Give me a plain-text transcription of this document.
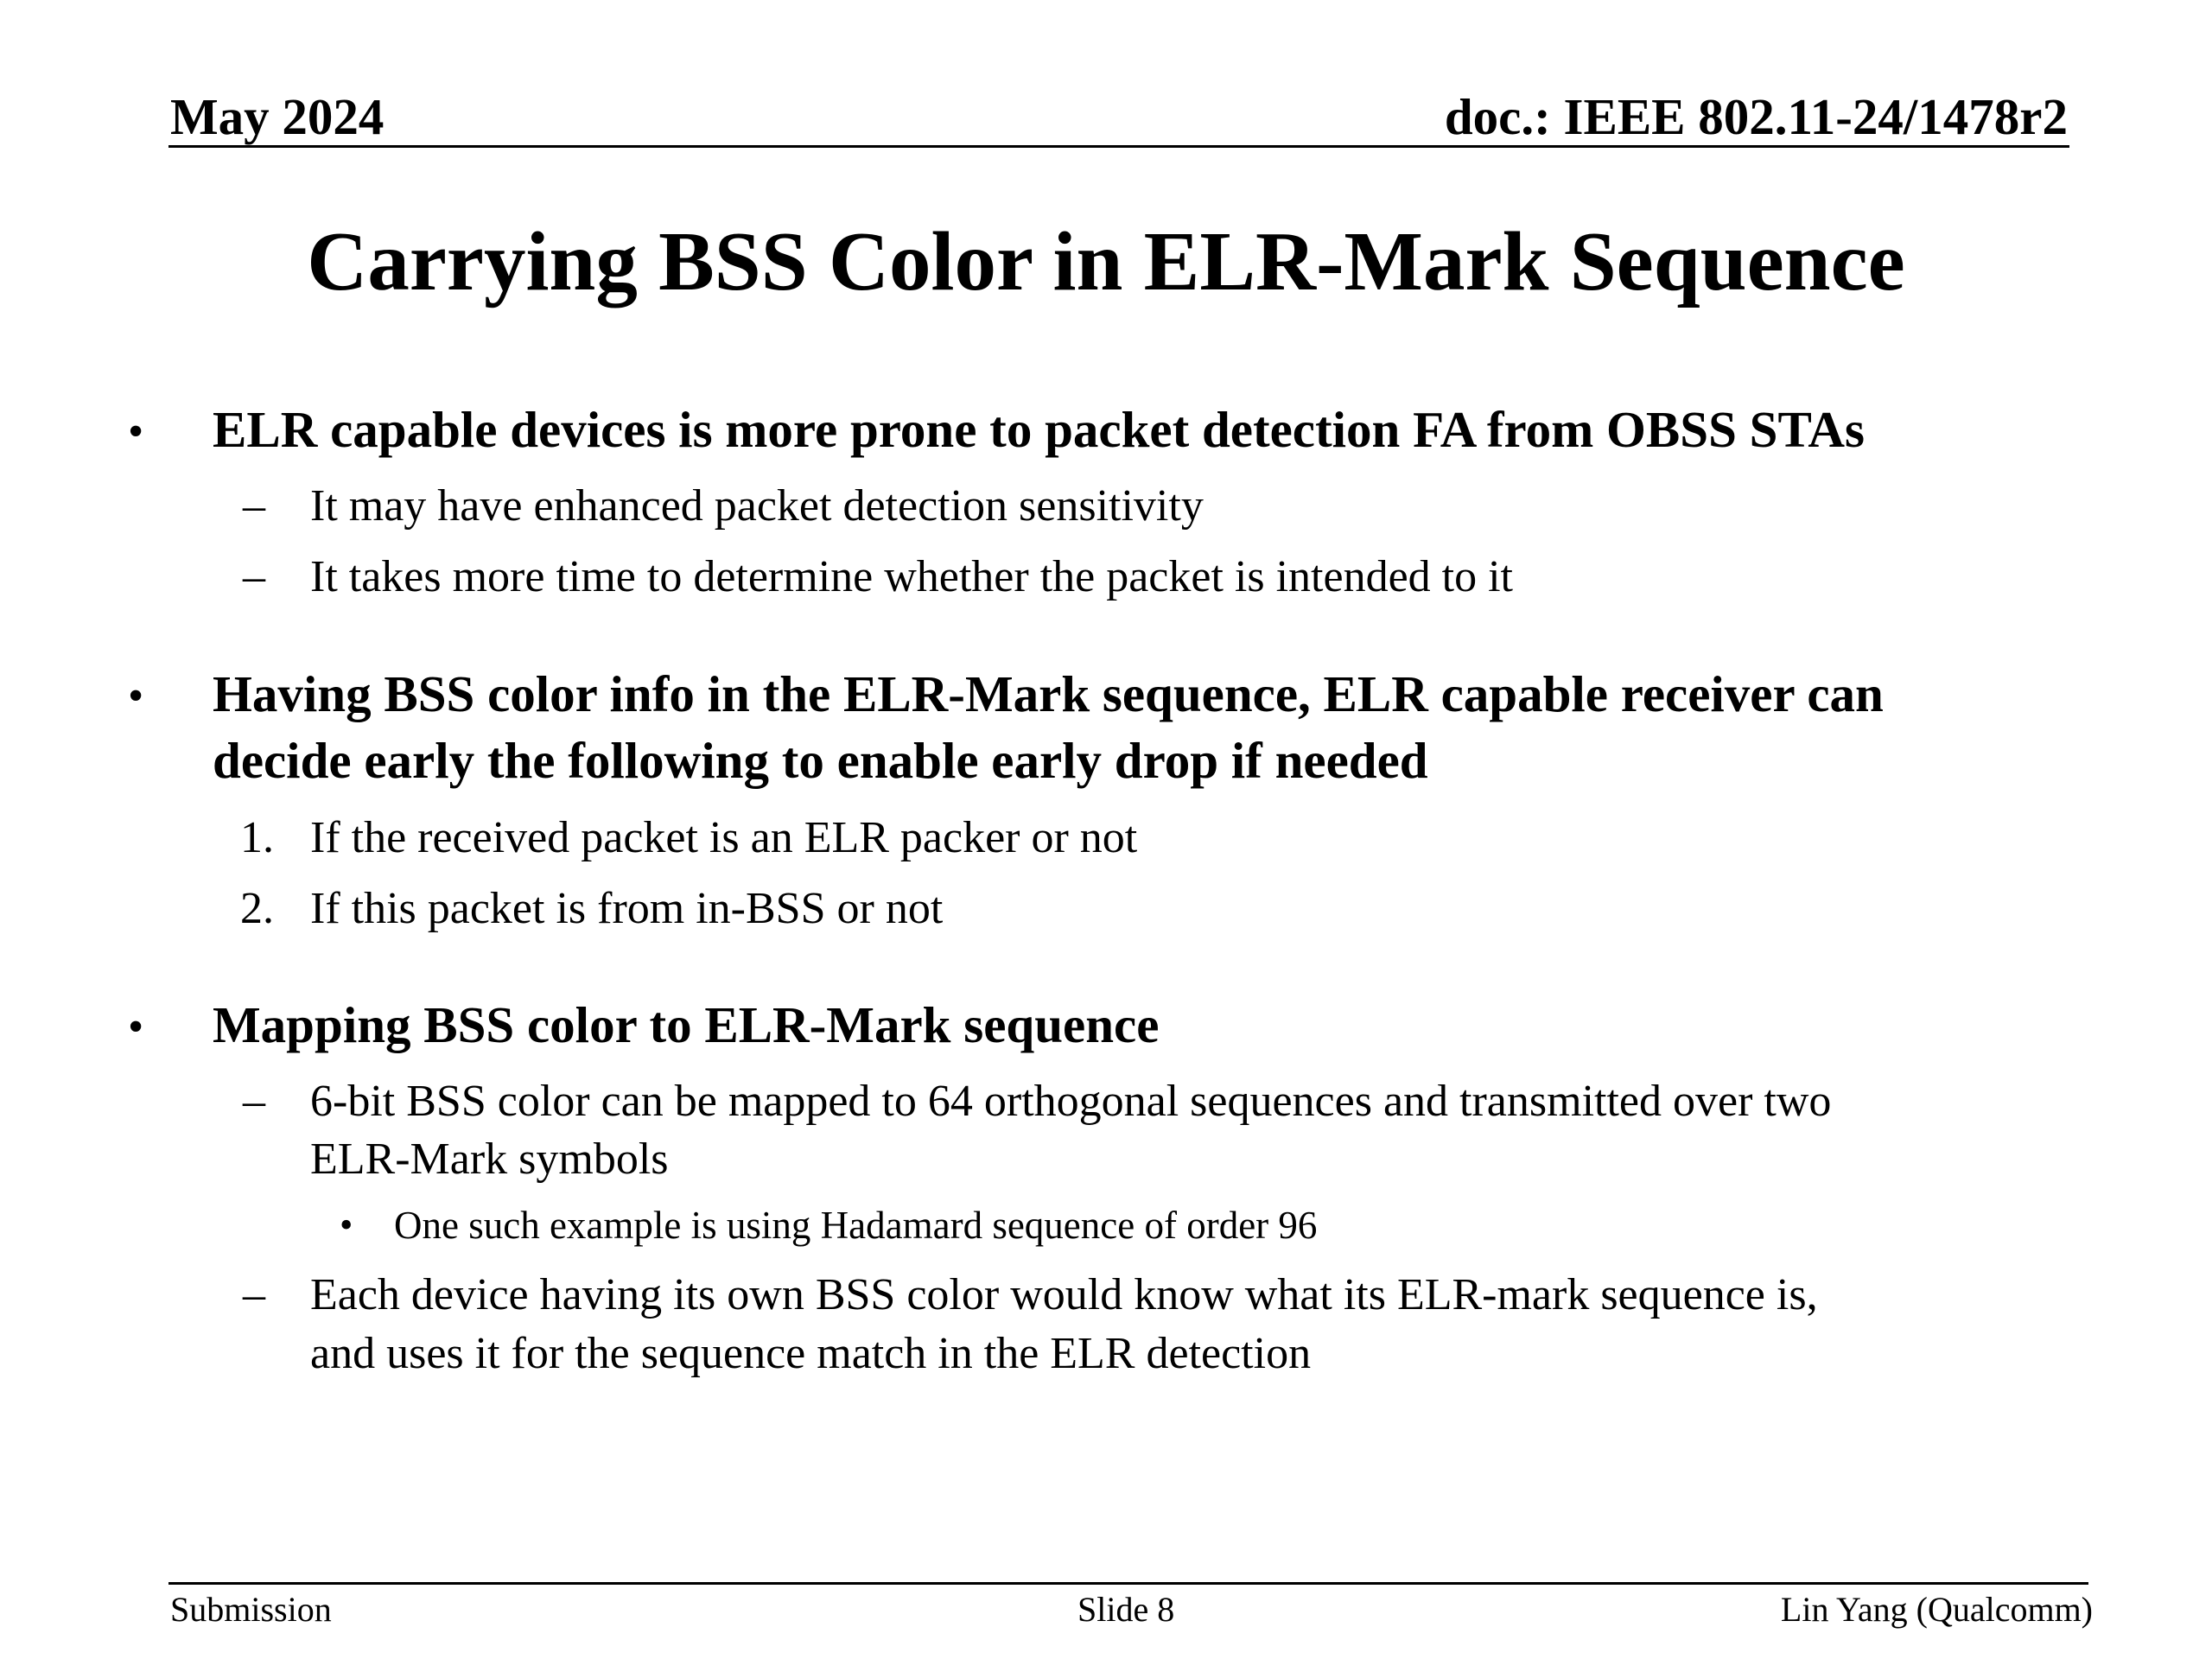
May 2024	doc.: IEEE 802.11-24/1478r2
Carrying BSS Color in ELR-Mark Sequence
• ELR capable devices is more prone to packet detection FA from OBSS STAs
– It may have enhanced packet detection sensitivity
– It takes more time to determine whether the packet is intended to it
• Having BSS color info in the ELR-Mark sequence, ELR capable receiver can
decide early the following to enable early drop if needed
1. If the received packet is an ELR packer or not
2. If this packet is from in-BSS or not
• Mapping BSS color to ELR-Mark sequence
– 6-bit BSS color can be mapped to 64 orthogonal sequences and transmitted over two
ELR-Mark symbols
• One such example is using Hadamard sequence of order 96
– Each device having its own BSS color would know what its ELR-mark sequence is,
and uses it for the sequence match in the ELR detection
Submission	Slide 8	Lin Yang (Qualcomm)
